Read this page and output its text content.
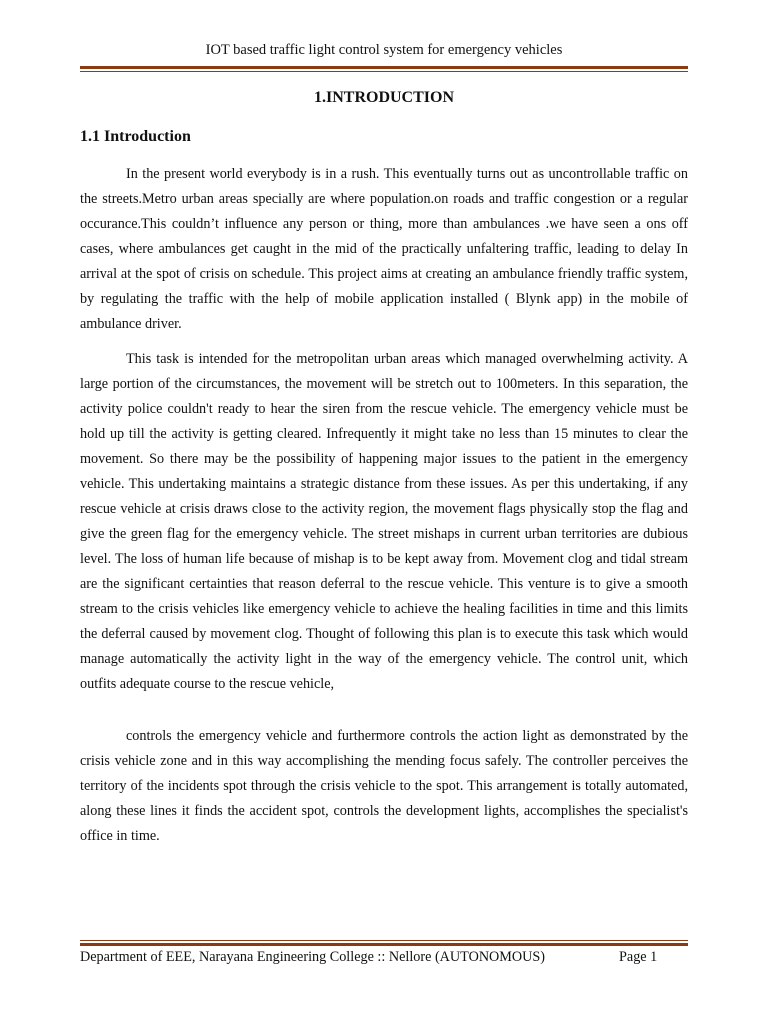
IOT based traffic light control system for emergency vehicles
1.INTRODUCTION
1.1 Introduction

In the present world everybody is in a rush. This eventually turns out as uncontrollable traffic on the streets.Metro urban areas specially are where population.on roads and traffic congestion or a regular occurance.This couldn’t influence any person or thing, more than ambulances .we have seen a ons off cases, where ambulances get caught in the mid of the practically unfaltering traffic, leading to delay In arrival at the spot of crisis on schedule. This project aims at creating an ambulance friendly traffic system, by regulating the traffic with the help of mobile application installed ( Blynk app) in the mobile of ambulance driver.

This task is intended for the metropolitan urban areas which managed overwhelming activity. A large portion of the circumstances, the movement will be stretch out to 100meters. In this separation, the activity police couldn't ready to hear the siren from the rescue vehicle. The emergency vehicle must be hold up till the activity is getting cleared. Infrequently it might take no less than 15 minutes to clear the movement. So there may be the possibility of happening major issues to the patient in the emergency vehicle. This undertaking maintains a strategic distance from these issues. As per this undertaking, if any rescue vehicle at crisis draws close to the activity region, the movement flags physically stop the flag and give the green flag for the emergency vehicle. The street mishaps in current urban territories are dubious level. The loss of human life because of mishap is to be kept away from. Movement clog and tidal stream are the significant certainties that reason deferral to the rescue vehicle. This venture is to give a smooth stream to the crisis vehicles like emergency vehicle to achieve the healing facilities in time and this limits the deferral caused by movement clog. Thought of following this plan is to execute this task which would manage automatically the activity light in the way of the emergency vehicle. The control unit, which outfits adequate course to the rescue vehicle,

controls the emergency vehicle and furthermore controls the action light as demonstrated by the crisis vehicle zone and in this way accomplishing the mending focus safely. The controller perceives the territory of the incidents spot through the crisis vehicle to the spot. This arrangement is totally automated, along these lines it finds the accident spot, controls the development lights, accomplishes the specialist's office in time.

Department of EEE, Narayana Engineering College :: Nellore (AUTONOMOUS)	Page 1
